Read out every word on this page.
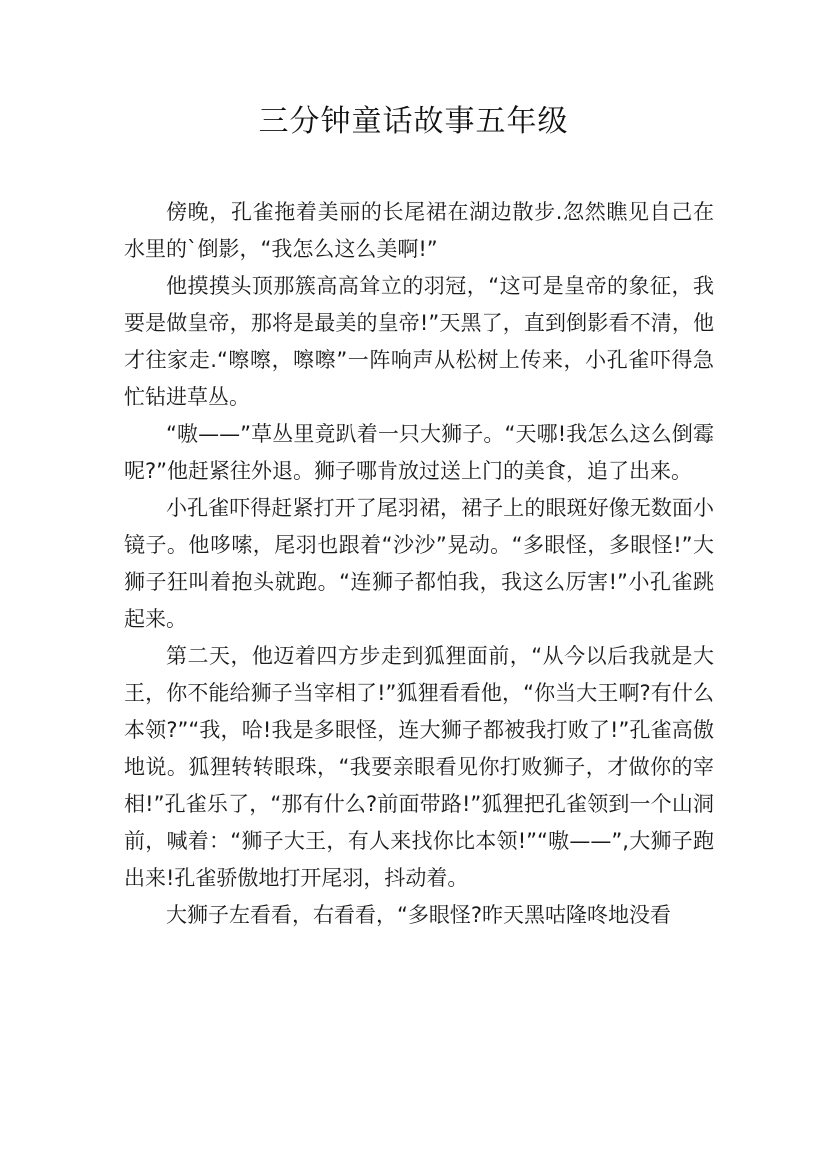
三分钟童话故事五年级

傍晚，孔雀拖着美丽的长尾裙在湖边散步.忽然瞧见自己在水里的`倒影，“我怎么这么美啊!”

他摸摸头顶那簇高高耸立的羽冠，“这可是皇帝的象征，我要是做皇帝，那将是最美的皇帝!”天黑了，直到倒影看不清，他才往家走.“嚓嚓，嚓嚓”一阵响声从松树上传来，小孔雀吓得急忙钻进草丛。

“嗷——”草丛里竟趴着一只大狮子。“天哪!我怎么这么倒霉呢?”他赶紧往外退。狮子哪肯放过送上门的美食，追了出来。

小孔雀吓得赶紧打开了尾羽裙，裙子上的眼斑好像无数面小镜子。他哆嗦，尾羽也跟着“沙沙”晃动。“多眼怪，多眼怪!”大狮子狂叫着抱头就跑。“连狮子都怕我，我这么厉害!”小孔雀跳起来。

第二天，他迈着四方步走到狐狸面前，“从今以后我就是大王，你不能给狮子当宰相了!”狐狸看看他，“你当大王啊?有什么本领?”“我，哈!我是多眼怪，连大狮子都被我打败了!”孔雀高傲地说。狐狸转转眼珠，“我要亲眼看见你打败狮子，才做你的宰相!”孔雀乐了，“那有什么?前面带路!”狐狸把孔雀领到一个山洞前，喊着：“狮子大王，有人来找你比本领!”“嗷——”,大狮子跑出来!孔雀骄傲地打开尾羽，抖动着。

大狮子左看看，右看看，“多眼怪?昨天黑咕隆咚地没看
